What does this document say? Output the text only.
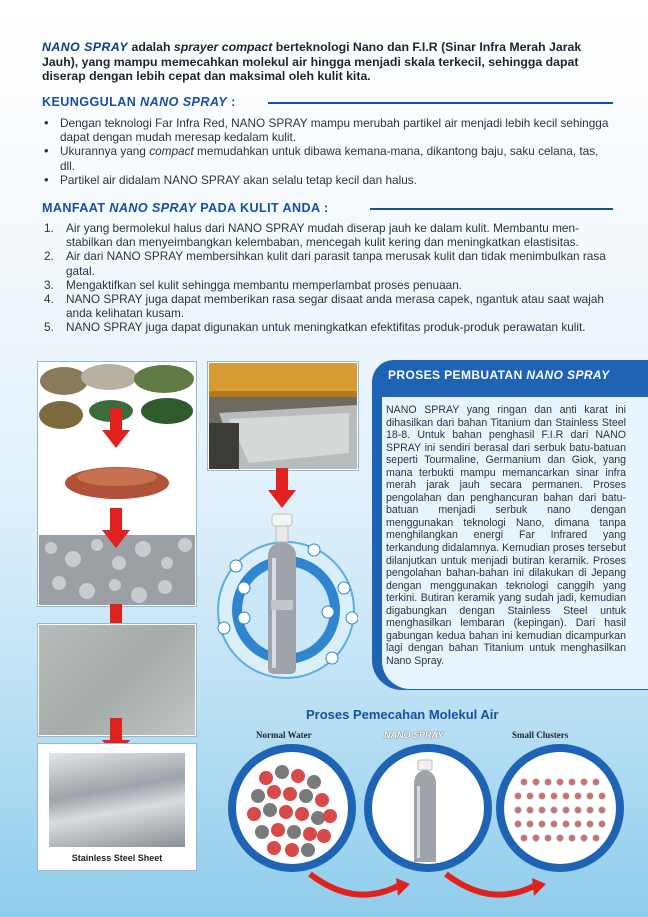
NANO SPRAY adalah sprayer compact berteknologi Nano dan F.I.R (Sinar Infra Merah Jarak Jauh), yang mampu memecahkan molekul air hingga menjadi skala terkecil, sehingga dapat diserap dengan lebih cepat dan maksimal oleh kulit kita.
KEUNGGULAN NANO SPRAY :
• Dengan teknologi Far Infra Red, NANO SPRAY mampu merubah partikel air menjadi lebih kecil sehingga dapat dengan mudah meresap kedalam kulit.
• Ukurannya yang compact memudahkan untuk dibawa kemana-mana, dikantong baju, saku celana, tas, dll.
• Partikel air didalam NANO SPRAY akan selalu tetap kecil dan halus.
MANFAAT NANO SPRAY PADA KULIT ANDA :
1. Air yang bermolekul halus dari NANO SPRAY mudah diserap jauh ke dalam kulit. Membantu men-stabilkan dan menyeimbangkan kelembaban, mencegah kulit kering dan meningkatkan elastisitas.
2. Air dari NANO SPRAY membersihkan kulit dari parasit tanpa merusak kulit dan tidak menimbulkan rasa gatal.
3. Mengaktifkan sel kulit sehingga membantu memperlambat proses penuaan.
4. NANO SPRAY juga dapat memberikan rasa segar disaat anda merasa capek, ngantuk atau saat wajah anda kelihatan kusam.
5. NANO SPRAY juga dapat digunakan untuk meningkatkan efektifitas produk-produk perawatan kulit.
Stainless Steel Sheet
PROSES PEMBUATAN NANO SPRAY
NANO SPRAY yang ringan dan anti karat ini dihasilkan dari bahan Titanium dan Stainless Steel 18-8. Untuk bahan penghasil F.I.R dari NANO SPRAY ini sendiri berasal dari serbuk batu-batuan seperti Tourmaline, Germanium dan Giok, yang mana terbukti mampu memancarkan sinar infra merah jarak jauh secara permanen. Proses pengolahan dan penghancuran bahan dari batu-batuan menjadi serbuk nano dengan menggunakan teknologi Nano, dimana tanpa menghilangkan energi Far Infrared yang terkandung didalamnya. Kemudian proses tersebut dilanjutkan untuk menjadi butiran keramik. Proses pengolahan bahan-bahan ini dilakukan di Jepang dengan menggunakan teknologi canggih yang terkini. Butiran keramik yang sudah jadi, kemudian digabungkan dengan Stainless Steel untuk menghasilkan lembaran (kepingan). Dari hasil gabungan kedua bahan ini kemudian dicampurkan lagi dengan bahan Titanium untuk menghasilkan Nano Spray.
Proses Pemecahan Molekul Air
Normal Water	NANO SPRAY	Small Clusters
